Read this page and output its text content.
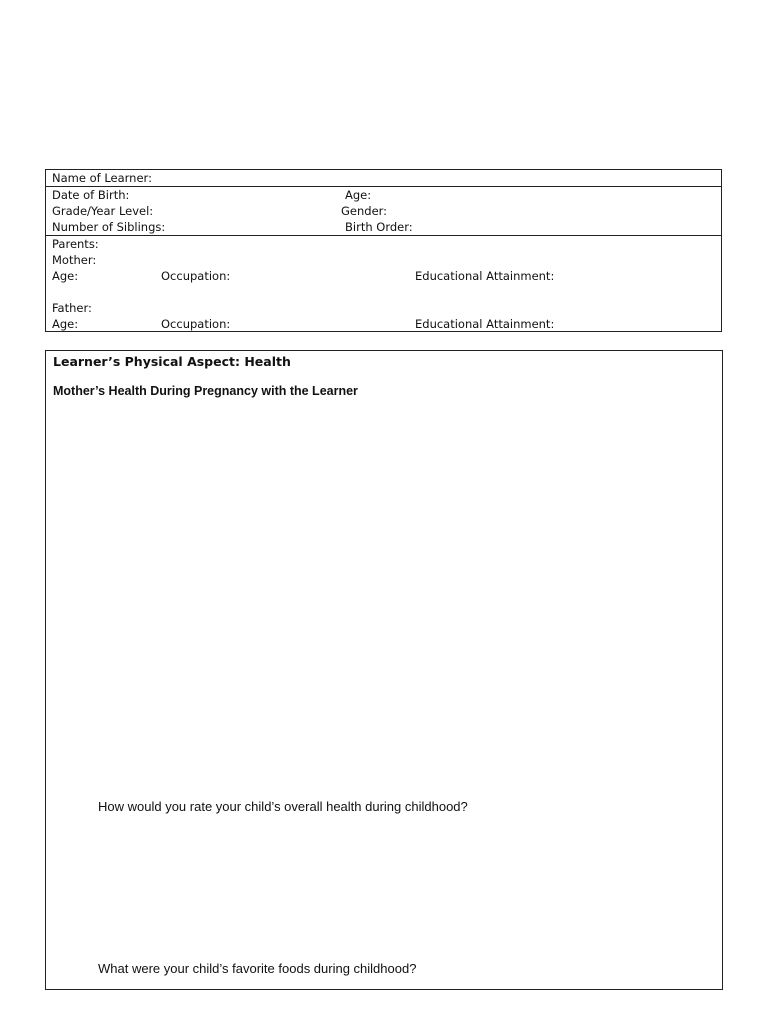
Name of Learner:
Date of Birth:	Age:
Grade/Year Level:	Gender:
Number of Siblings:	Birth Order:
Parents:
Mother:
Age:	Occupation:	Educational Attainment:
Father:
Age:	Occupation:	Educational Attainment:
Learner’s Physical Aspect: Health
Mother’s Health During Pregnancy with the Learner
How would you rate your child’s overall health during childhood?
What were your child’s favorite foods during childhood?
